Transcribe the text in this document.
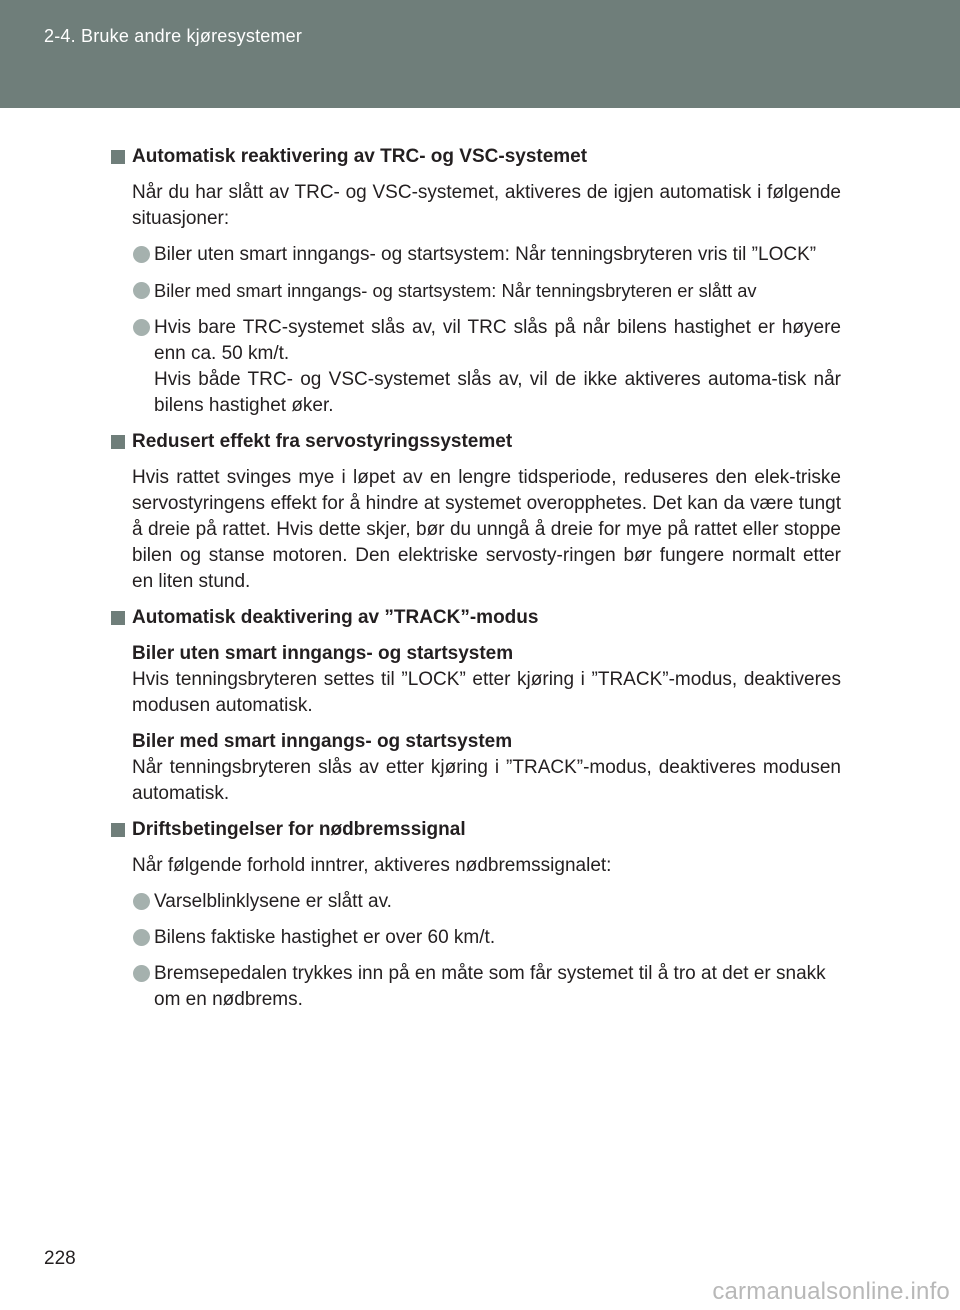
2-4. Bruke andre kjøresystemer
Automatisk reaktivering av TRC- og VSC-systemet
Når du har slått av TRC- og VSC-systemet, aktiveres de igjen automatisk i følgende situasjoner:
Biler uten smart inngangs- og startsystem: Når tenningsbryteren vris til ”LOCK”
Biler med smart inngangs- og startsystem: Når tenningsbryteren er slått av
Hvis bare TRC-systemet slås av, vil TRC slås på når bilens hastighet er høyere enn ca. 50 km/t.
Hvis både TRC- og VSC-systemet slås av, vil de ikke aktiveres automa-tisk når bilens hastighet øker.
Redusert effekt fra servostyringssystemet
Hvis rattet svinges mye i løpet av en lengre tidsperiode, reduseres den elek-triske servostyringens effekt for å hindre at systemet overopphetes. Det kan da være tungt å dreie på rattet. Hvis dette skjer, bør du unngå å dreie for mye på rattet eller stoppe bilen og stanse motoren. Den elektriske servosty-ringen bør fungere normalt etter en liten stund.
Automatisk deaktivering av ”TRACK”-modus
Biler uten smart inngangs- og startsystem
Hvis tenningsbryteren settes til ”LOCK” etter kjøring i ”TRACK”-modus, deaktiveres modusen automatisk.
Biler med smart inngangs- og startsystem
Når tenningsbryteren slås av etter kjøring i ”TRACK”-modus, deaktiveres modusen automatisk.
Driftsbetingelser for nødbremssignal
Når følgende forhold inntrer, aktiveres nødbremssignalet:
Varselblinklysene er slått av.
Bilens faktiske hastighet er over 60 km/t.
Bremsepedalen trykkes inn på en måte som får systemet til å tro at det er snakk om en nødbrems.
228
carmanualsonline.info
